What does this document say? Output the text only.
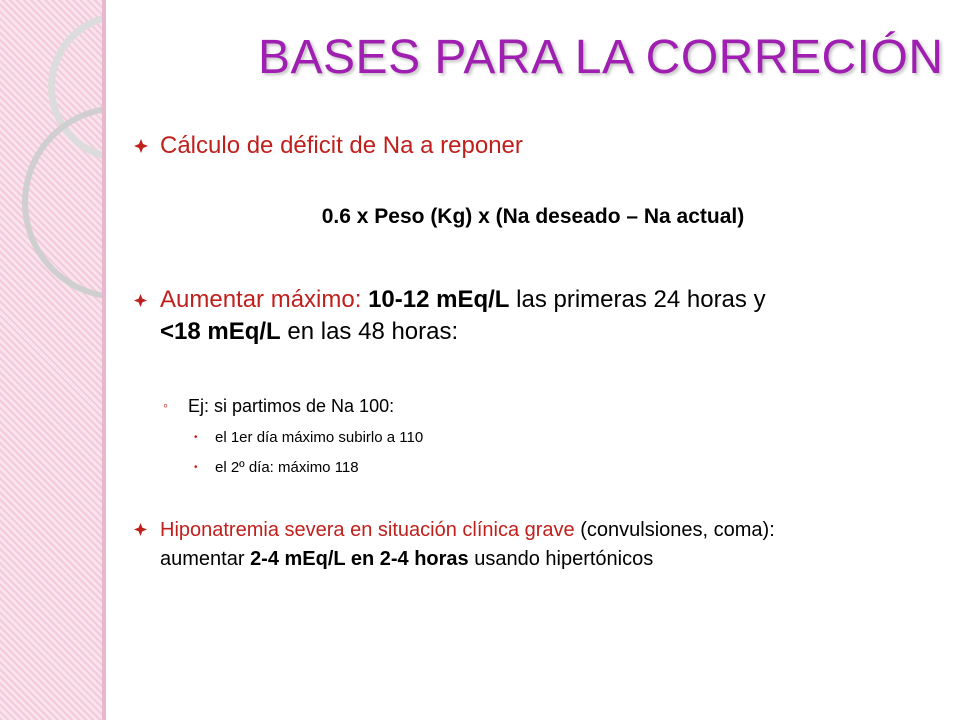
BASES PARA LA CORRECIÓN
Cálculo de déficit de Na a reponer
0.6 x Peso (Kg) x (Na deseado – Na actual)
Aumentar máximo: 10-12 mEq/L las primeras 24 horas y
<18 mEq/L en las 48 horas:
◦ Ej: si partimos de Na 100:
• el 1er día máximo subirlo a 110
• el 2º día: máximo 118
Hiponatremia severa en situación clínica grave (convulsiones, coma):
aumentar 2-4 mEq/L en 2-4 horas usando hipertónicos
